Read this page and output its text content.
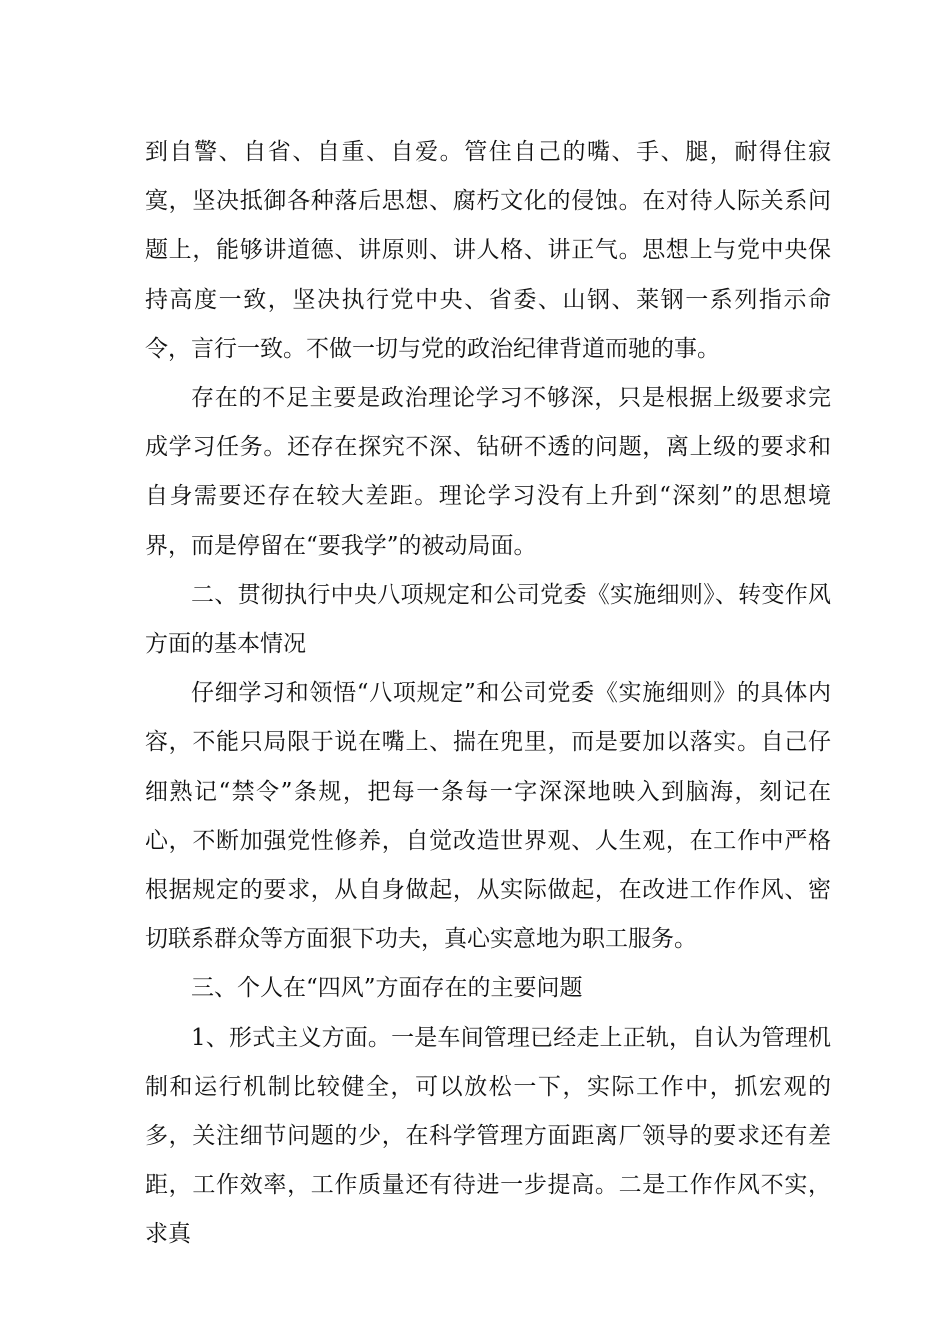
到自警、自省、自重、自爱。管住自己的嘴、手、腿，耐得住寂寞，坚决抵御各种落后思想、腐朽文化的侵蚀。在对待人际关系问题上，能够讲道德、讲原则、讲人格、讲正气。思想上与党中央保持高度一致，坚决执行党中央、省委、山钢、莱钢一系列指示命令，言行一致。不做一切与党的政治纪律背道而驰的事。

存在的不足主要是政治理论学习不够深，只是根据上级要求完成学习任务。还存在探究不深、钻研不透的问题，离上级的要求和自身需要还存在较大差距。理论学习没有上升到“深刻”的思想境界，而是停留在“要我学”的被动局面。

二、贯彻执行中央八项规定和公司党委《实施细则》、转变作风方面的基本情况

仔细学习和领悟“八项规定”和公司党委《实施细则》的具体内容，不能只局限于说在嘴上、揣在兜里，而是要加以落实。自己仔细熟记“禁令”条规，把每一条每一字深深地映入到脑海，刻记在心，不断加强党性修养，自觉改造世界观、人生观，在工作中严格根据规定的要求，从自身做起，从实际做起，在改进工作作风、密切联系群众等方面狠下功夫，真心实意地为职工服务。

三、个人在“四风”方面存在的主要问题

1、形式主义方面。一是车间管理已经走上正轨，自认为管理机制和运行机制比较健全，可以放松一下，实际工作中，抓宏观的多，关注细节问题的少，在科学管理方面距离厂领导的要求还有差距，工作效率，工作质量还有待进一步提高。二是工作作风不实，求真
